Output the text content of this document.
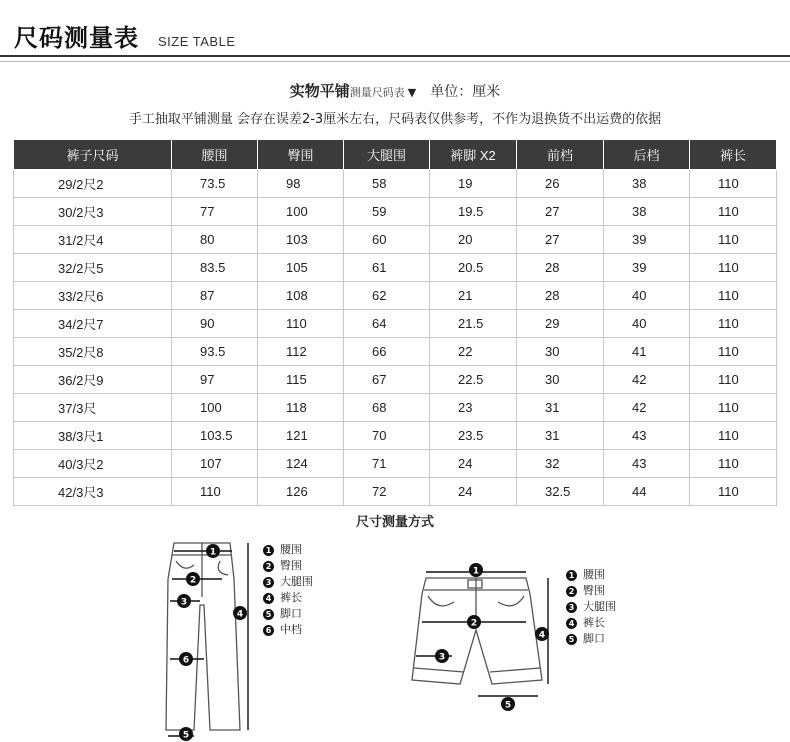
尺码测量表 SIZE TABLE
实物平铺测量尺码表 ▼ 单位：厘米
手工抽取平铺测量 会存在误差2-3厘米左右，尺码表仅供参考，不作为退换货不出运费的依据
裤子尺码	腰围	臀围	大腿围	裤脚 X2	前档	后档	裤长
29/2尺2	73.5	98	58	19	26	38	110
30/2尺3	77	100	59	19.5	27	38	110
31/2尺4	80	103	60	20	27	39	110
32/2尺5	83.5	105	61	20.5	28	39	110
33/2尺6	87	108	62	21	28	40	110
34/2尺7	90	110	64	21.5	29	40	110
35/2尺8	93.5	112	66	22	30	41	110
36/2尺9	97	115	67	22.5	30	42	110
37/3尺	100	118	68	23	31	42	110
38/3尺1	103.5	121	70	23.5	31	43	110
40/3尺2	107	124	71	24	32	43	110
42/3尺3	110	126	72	24	32.5	44	110
尺寸测量方式
1
2
3
4
5
6
1 腰围
2 臀围
3 大腿围
4 裤长
5 脚口
6 中档
1
2
3
4
5
1 腰围
2 臀围
3 大腿围
4 裤长
5 脚口
